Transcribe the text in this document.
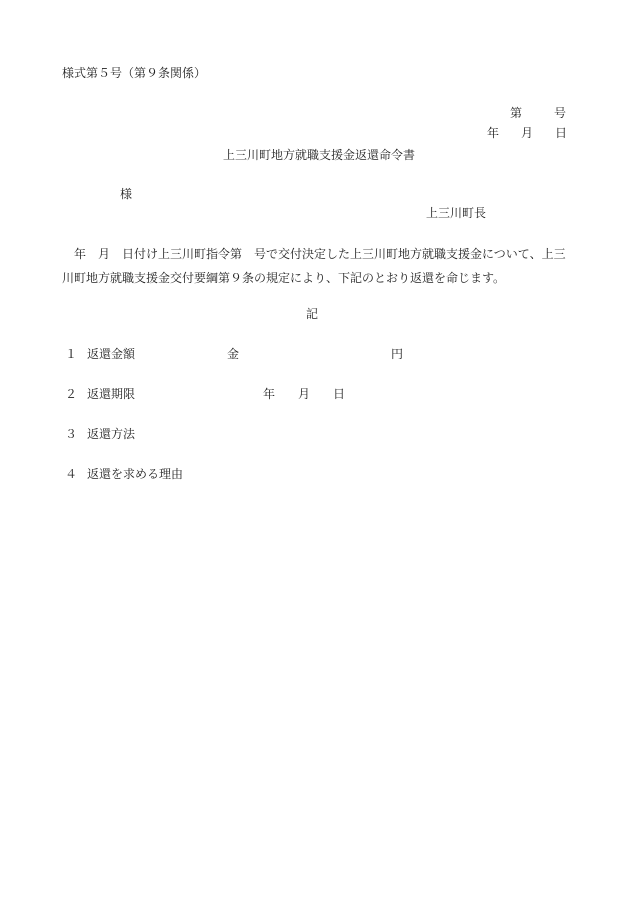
様式第５号（第９条関係）
第	号
年 月 日
上三川町地方就職支援金返還命令書
様
上三川町長
年 月 日付け上三川町指令第 号で交付決定した上三川町地方就職支援金について、上三川町地方就職支援金交付要綱第９条の規定により、下記のとおり返還を命じます。
記
１ 返還金額	金	円
２ 返還期限	年 月 日
３ 返還方法
４ 返還を求める理由
